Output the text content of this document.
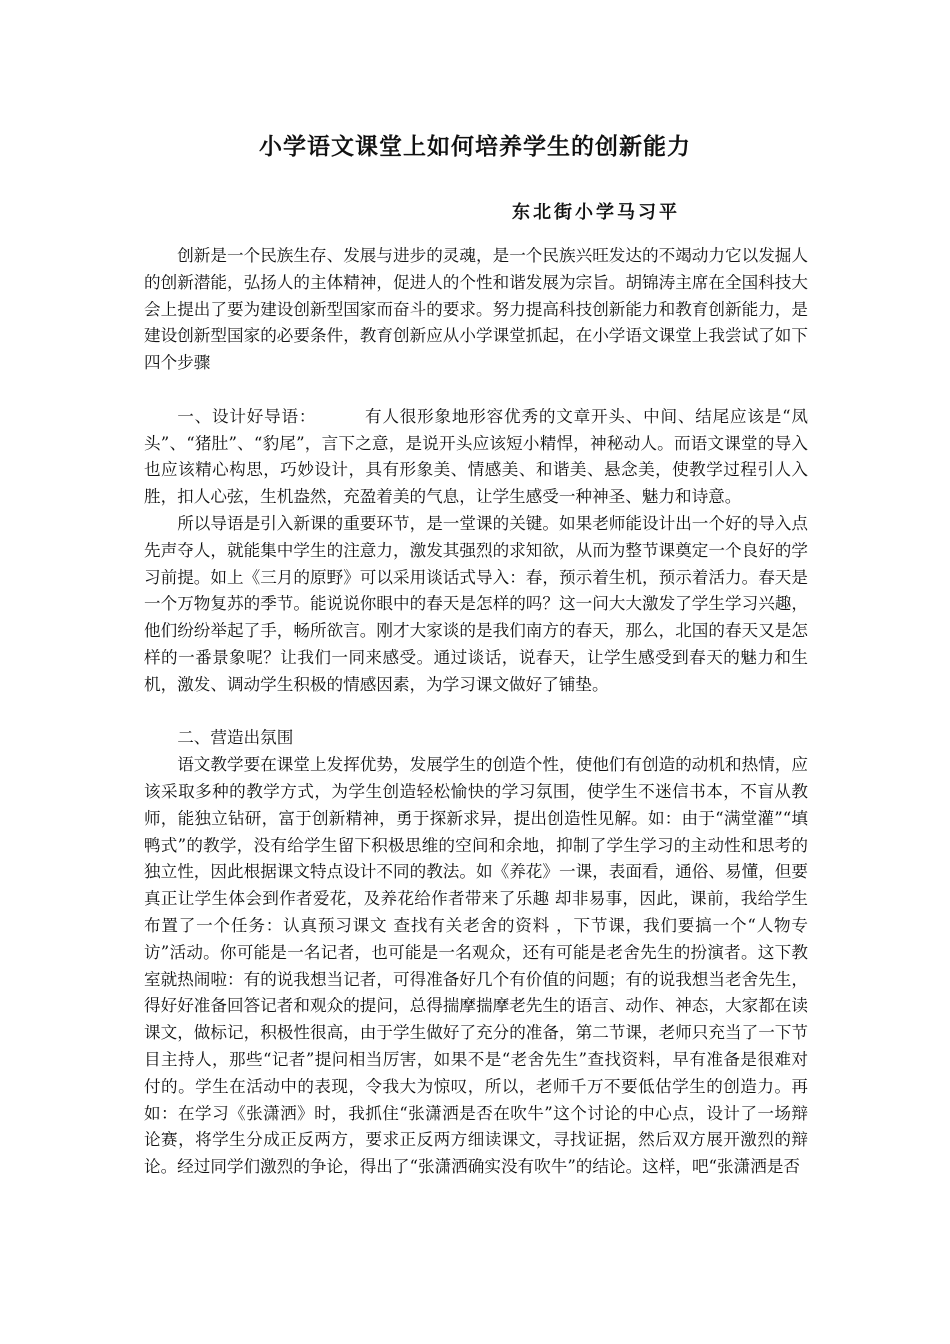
小学语文课堂上如何培养学生的创新能力
东北街小学马习平

创新是一个民族生存、发展与进步的灵魂，是一个民族兴旺发达的不竭动力它以发掘人的创新潜能，弘扬人的主体精神，促进人的个性和谐发展为宗旨。胡锦涛主席在全国科技大会上提出了要为建设创新型国家而奋斗的要求。努力提高科技创新能力和教育创新能力，是建设创新型国家的必要条件，教育创新应从小学课堂抓起，在小学语文课堂上我尝试了如下四个步骤

一、设计好导语：	有人很形象地形容优秀的文章开头、中间、结尾应该是“凤头”、“猪肚”、“豹尾”，言下之意，是说开头应该短小精悍，神秘动人。而语文课堂的导入也应该精心构思，巧妙设计，具有形象美、情感美、和谐美、悬念美，使教学过程引人入胜，扣人心弦，生机盎然，充盈着美的气息，让学生感受一种神圣、魅力和诗意。

所以导语是引入新课的重要环节，是一堂课的关键。如果老师能设计出一个好的导入点先声夺人，就能集中学生的注意力，激发其强烈的求知欲，从而为整节课奠定一个良好的学习前提。如上《三月的原野》可以采用谈话式导入：春，预示着生机，预示着活力。春天是一个万物复苏的季节。能说说你眼中的春天是怎样的吗？这一问大大激发了学生学习兴趣，他们纷纷举起了手，畅所欲言。刚才大家谈的是我们南方的春天，那么，北国的春天又是怎样的一番景象呢？让我们一同来感受。通过谈话，说春天，让学生感受到春天的魅力和生机，激发、调动学生积极的情感因素，为学习课文做好了铺垫。

二、营造出氛围

语文教学要在课堂上发挥优势，发展学生的创造个性，使他们有创造的动机和热情，应该采取多种的教学方式，为学生创造轻松愉快的学习氛围，使学生不迷信书本，不盲从教师，能独立钻研，富于创新精神，勇于探新求异，提出创造性见解。如：由于“满堂灌”“填鸭式”的教学，没有给学生留下积极思维的空间和余地，抑制了学生学习的主动性和思考的独立性，因此根据课文特点设计不同的教法。如《养花》一课，表面看，通俗、易懂，但要真正让学生体会到作者爱花，及养花给作者带来了乐趣 却非易事，因此，课前，我给学生布置了一个任务：认真预习课文 查找有关老舍的资料 ，下节课，我们要搞一个“人物专访”活动。你可能是一名记者，也可能是一名观众，还有可能是老舍先生的扮演者。这下教室就热闹啦：有的说我想当记者，可得准备好几个有价值的问题；有的说我想当老舍先生，得好好准备回答记者和观众的提问，总得揣摩揣摩老先生的语言、动作、神态，大家都在读课文，做标记，积极性很高，由于学生做好了充分的准备，第二节课，老师只充当了一下节目主持人，那些“记者”提问相当厉害，如果不是“老舍先生”查找资料，早有准备是很难对付的。学生在活动中的表现，令我大为惊叹，所以，老师千万不要低估学生的创造力。再如：在学习《张潇洒》时，我抓住“张潇洒是否在吹牛”这个讨论的中心点，设计了一场辩论赛，将学生分成正反两方，要求正反两方细读课文，寻找证据，然后双方展开激烈的辩论。经过同学们激烈的争论，得出了“张潇洒确实没有吹牛”的结论。这样，吧“张潇洒是否
